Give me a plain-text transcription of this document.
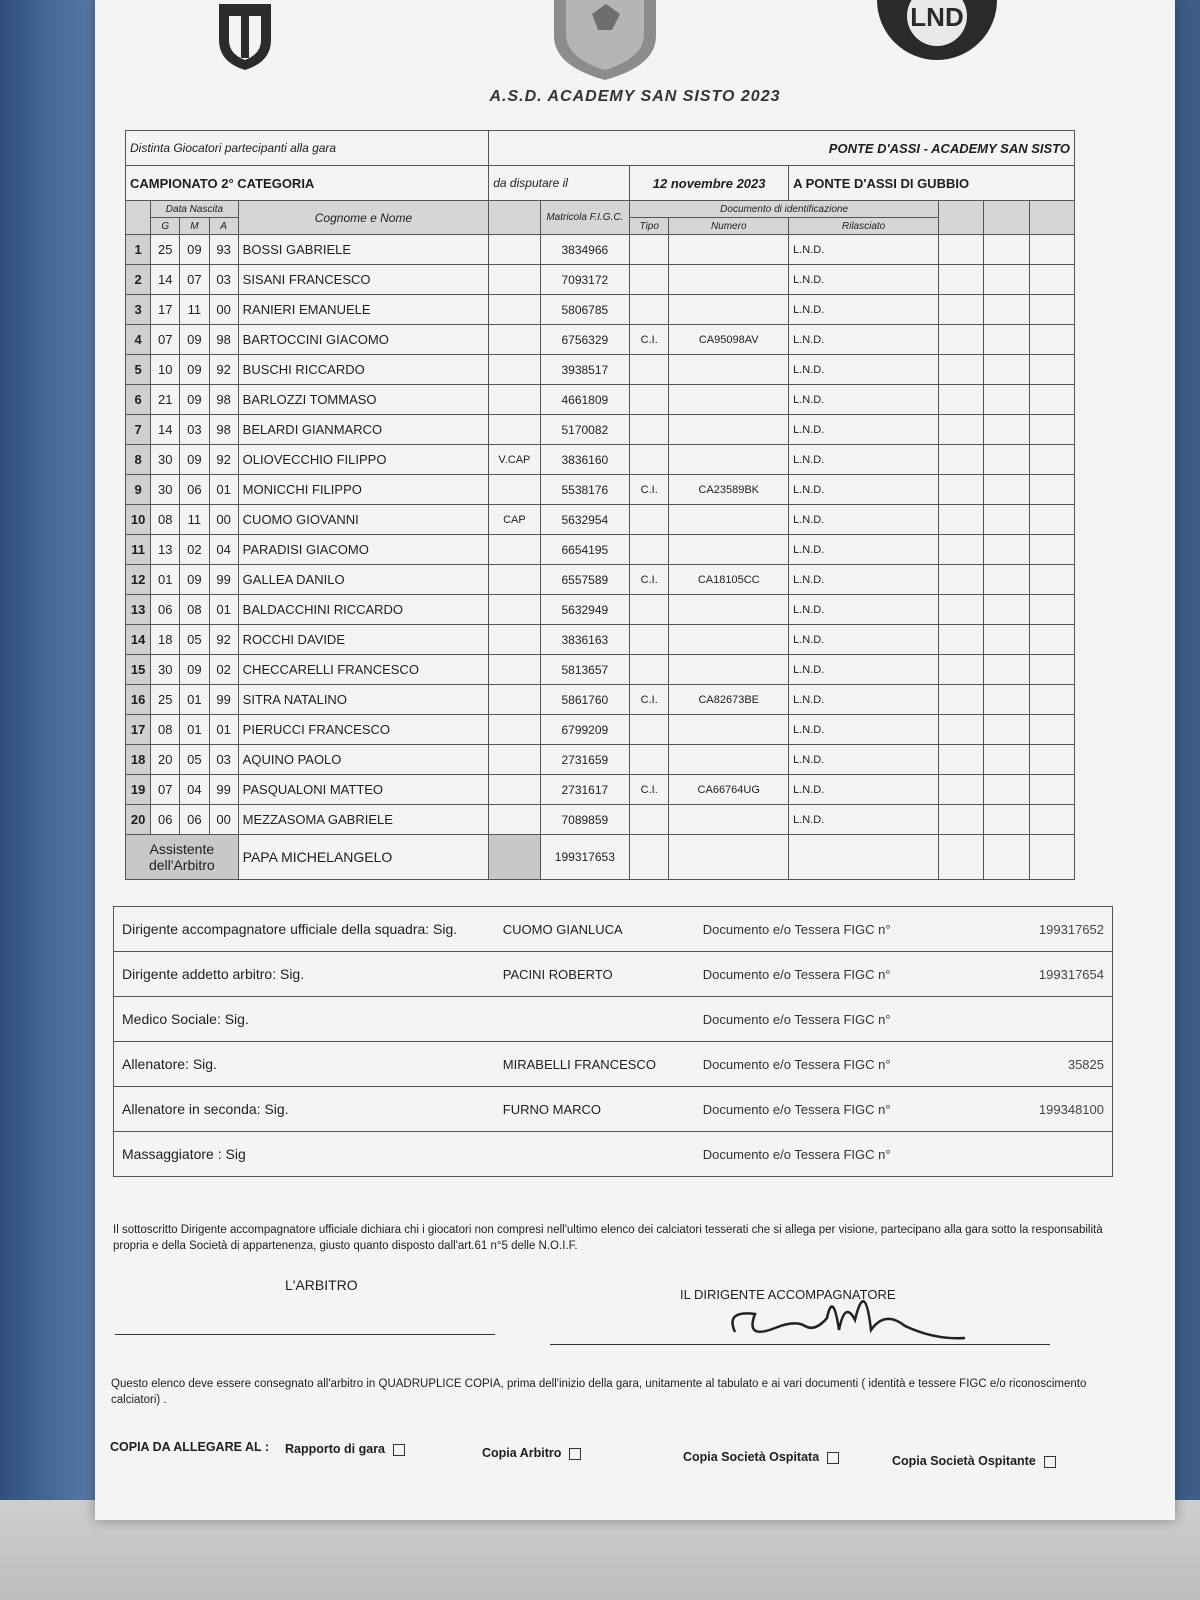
LND
A.S.D. ACADEMY SAN SISTO 2023
Distinta Giocatori partecipanti alla gara					PONTE D'ASSI - ACADEMY SAN SISTO							
CAMPIONATO 2° CATEGORIA					da disputare il		12 novembre 2023		A PONTE D'ASSI DI GUBBIO			
	Data Nascita			Cognome e Nome		Matricola F.I.G.C.	Documento di identificazione					
	G	M	A				Tipo	Numero	Rilasciato			
1	25	09	93	BOSSI GABRIELE		3834966			L.N.D.			
2	14	07	03	SISANI FRANCESCO		7093172			L.N.D.			
3	17	11	00	RANIERI EMANUELE		5806785			L.N.D.			
4	07	09	98	BARTOCCINI GIACOMO		6756329	C.I.	CA95098AV	L.N.D.			
5	10	09	92	BUSCHI RICCARDO		3938517			L.N.D.			
6	21	09	98	BARLOZZI TOMMASO		4661809			L.N.D.			
7	14	03	98	BELARDI GIANMARCO		5170082			L.N.D.			
8	30	09	92	OLIOVECCHIO FILIPPO	V.CAP	3836160			L.N.D.			
9	30	06	01	MONICCHI FILIPPO		5538176	C.I.	CA23589BK	L.N.D.			
10	08	11	00	CUOMO GIOVANNI	CAP	5632954			L.N.D.			
11	13	02	04	PARADISI GIACOMO		6654195			L.N.D.			
12	01	09	99	GALLEA DANILO		6557589	C.I.	CA18105CC	L.N.D.			
13	06	08	01	BALDACCHINI RICCARDO		5632949			L.N.D.			
14	18	05	92	ROCCHI DAVIDE		3836163			L.N.D.			
15	30	09	02	CHECCARELLI FRANCESCO		5813657			L.N.D.			
16	25	01	99	SITRA NATALINO		5861760	C.I.	CA82673BE	L.N.D.			
17	08	01	01	PIERUCCI FRANCESCO		6799209			L.N.D.			
18	20	05	03	AQUINO PAOLO		2731659			L.N.D.			
19	07	04	99	PASQUALONI MATTEO		2731617	C.I.	CA66764UG	L.N.D.			
20	06	06	00	MEZZASOMA GABRIELE		7089859			L.N.D.			
Assistente dell'Arbitro				PAPA MICHELANGELO		199317653						
Dirigente accompagnatore ufficiale della squadra: Sig.	CUOMO GIANLUCA	Documento e/o Tessera FIGC n°	199317652
Dirigente addetto arbitro: Sig.	PACINI ROBERTO	Documento e/o Tessera FIGC n°	199317654
Medico Sociale: Sig.		Documento e/o Tessera FIGC n°	
Allenatore: Sig.	MIRABELLI FRANCESCO	Documento e/o Tessera FIGC n°	35825
Allenatore in seconda: Sig.	FURNO MARCO	Documento e/o Tessera FIGC n°	199348100
Massaggiatore : Sig		Documento e/o Tessera FIGC n°	
Il sottoscritto Dirigente accompagnatore ufficiale dichiara chi i giocatori non compresi nell'ultimo elenco dei calciatori tesserati che si allega per visione, partecipano alla gara sotto la responsabilità propria e della Società di appartenenza, giusto quanto disposto dall'art.61 n°5 delle N.O.I.F.
L'ARBITRO
IL DIRIGENTE ACCOMPAGNATORE
Questo elenco deve essere consegnato all'arbitro in QUADRUPLICE COPIA, prima dell'inizio della gara, unitamente al tabulato e ai vari documenti ( identità e tessere FIGC e/o riconoscimento calciatori) .
COPIA DA ALLEGARE AL : Rapporto di gara	Copia Arbitro	Copia Società Ospitata	Copia Società Ospitante
